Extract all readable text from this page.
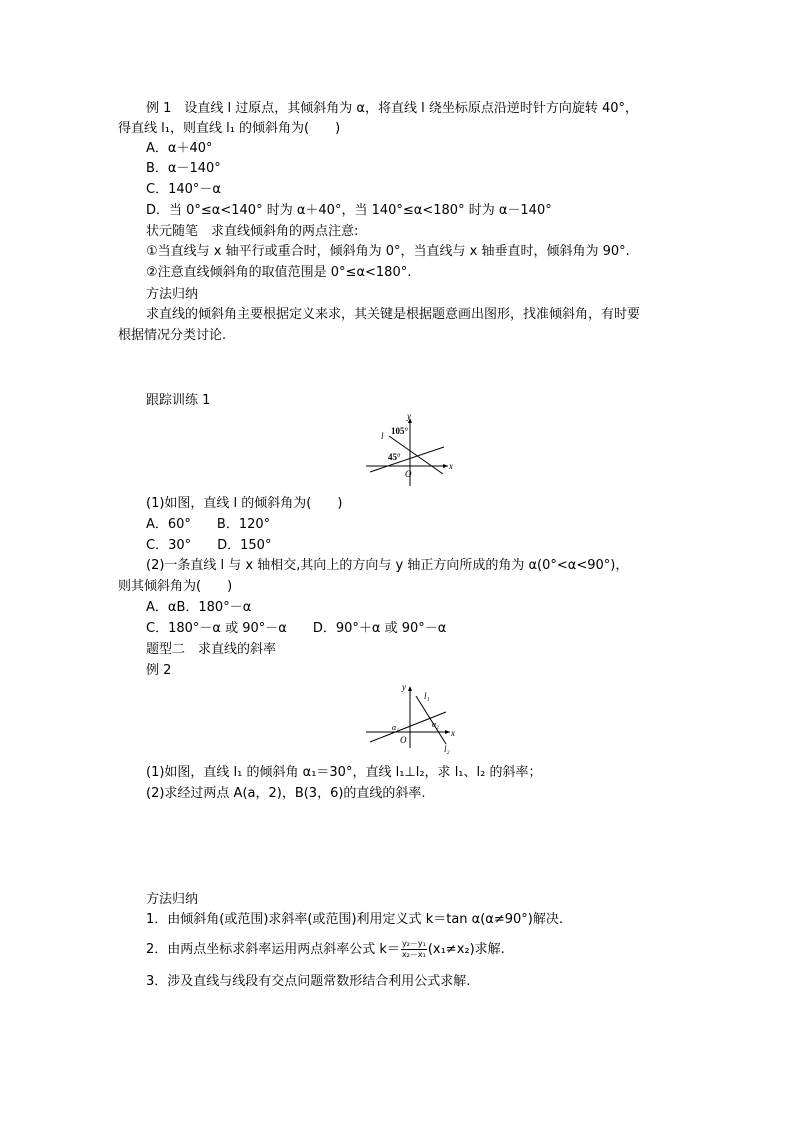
例 1　设直线 l 过原点，其倾斜角为 α，将直线 l 绕坐标原点沿逆时针方向旋转 40°，
得直线 l₁，则直线 l₁ 的倾斜角为(　　)
A．α＋40°
B．α－140°
C．140°－α
D．当 0°≤α<140° 时为 α＋40°，当 140°≤α<180° 时为 α－140°
状元随笔　求直线倾斜角的两点注意:
①当直线与 x 轴平行或重合时，倾斜角为 0°，当直线与 x 轴垂直时，倾斜角为 90°.
②注意直线倾斜角的取值范围是 0°≤α<180°.
方法归纳
求直线的倾斜角主要根据定义来求，其关键是根据题意画出图形，找准倾斜角，有时要
根据情况分类讨论.
跟踪训练 1
y
x
O
l 105°
45°
(1)如图，直线 l 的倾斜角为(　　)
A．60°　　B．120°
C．30°　　D．150°
(2)一条直线 l 与 x 轴相交,其向上的方向与 y 轴正方向所成的角为 α(0°<α<90°)，
则其倾斜角为(　　)
A．αB．180°－α
C．180°－α 或 90°－α　　D．90°＋α 或 90°－α
题型二　求直线的斜率
例 2
y
x
O
l₁
l₂
α₁	α₂
(1)如图，直线 l₁ 的倾斜角 α₁＝30°，直线 l₁⊥l₂，求 l₁、l₂ 的斜率；
(2)求经过两点 A(a，2)，B(3，6)的直线的斜率.
方法归纳
1．由倾斜角(或范围)求斜率(或范围)利用定义式 k＝tan α(α≠90°)解决.
2．由两点坐标求斜率运用两点斜率公式 $k= \frac{\text{y₂－y₁}}{\text{x₂－x₁}} (x_1\ne x_2)$求解.
3．涉及直线与线段有交点问题常数形结合利用公式求解.
